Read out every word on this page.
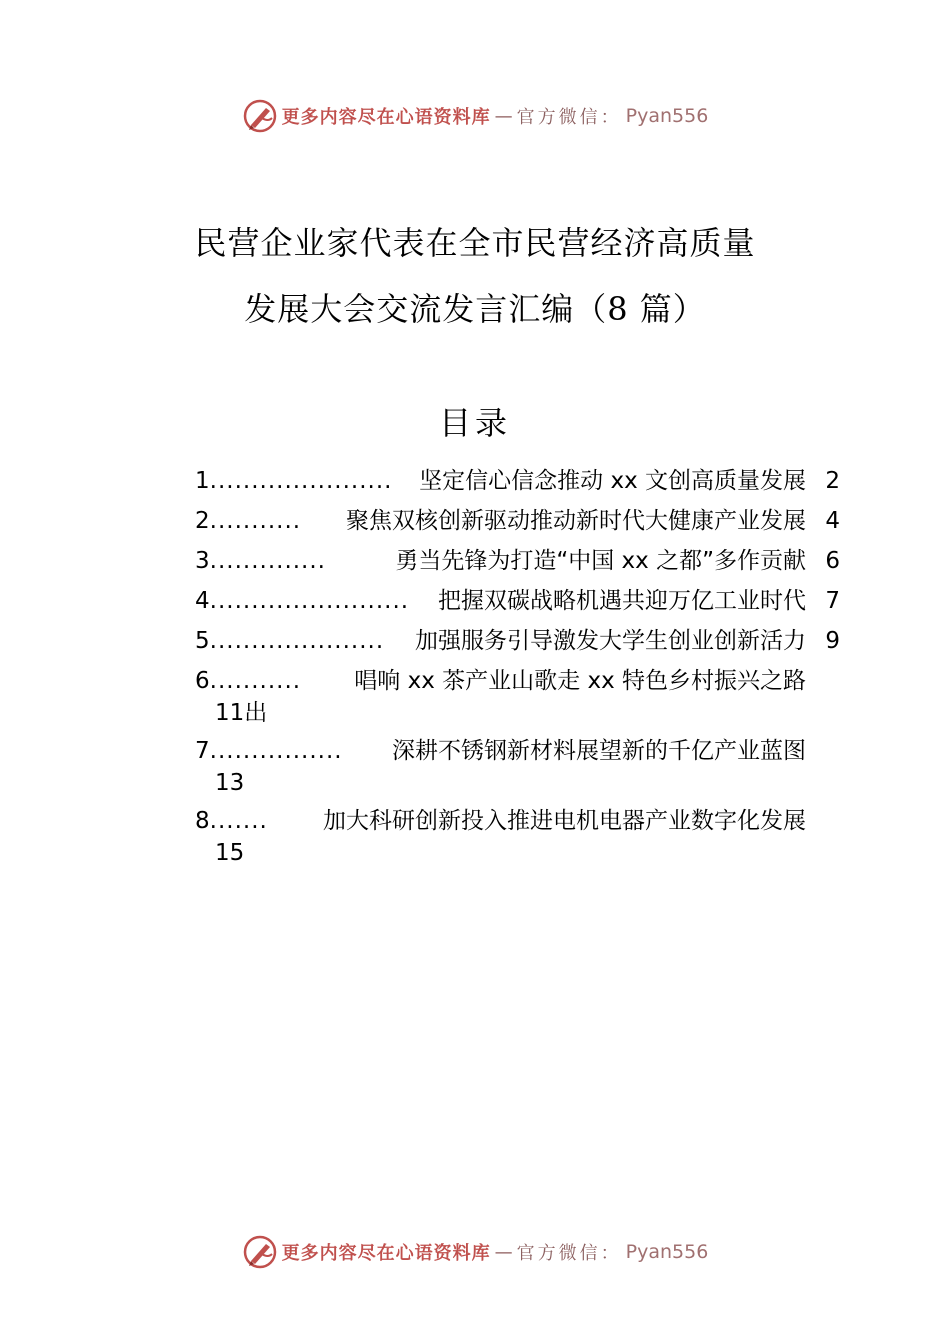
更多内容尽在心语资料库 — 官方微信： Pyan556
民营企业家代表在全市民营经济高质量
发展大会交流发言汇编（8 篇）
目录
1 ......................	坚定信心信念推动 xx 文创高质量发展 2
2 ...........	聚焦双核创新驱动推动新时代大健康产业发展 4
3 ..............	勇当先锋为打造“中国 xx 之都”多作贡献 6
4 ........................	把握双碳战略机遇共迎万亿工业时代 7
5 .....................	加强服务引导激发大学生创业创新活力 9
6 ...........	唱响 xx 茶产业山歌走 xx 特色乡村振兴之路
11出
7 ................	深耕不锈钢新材料展望新的千亿产业蓝图
13
8 .......	加大科研创新投入推进电机电器产业数字化发展
15
更多内容尽在心语资料库 — 官方微信： Pyan556
